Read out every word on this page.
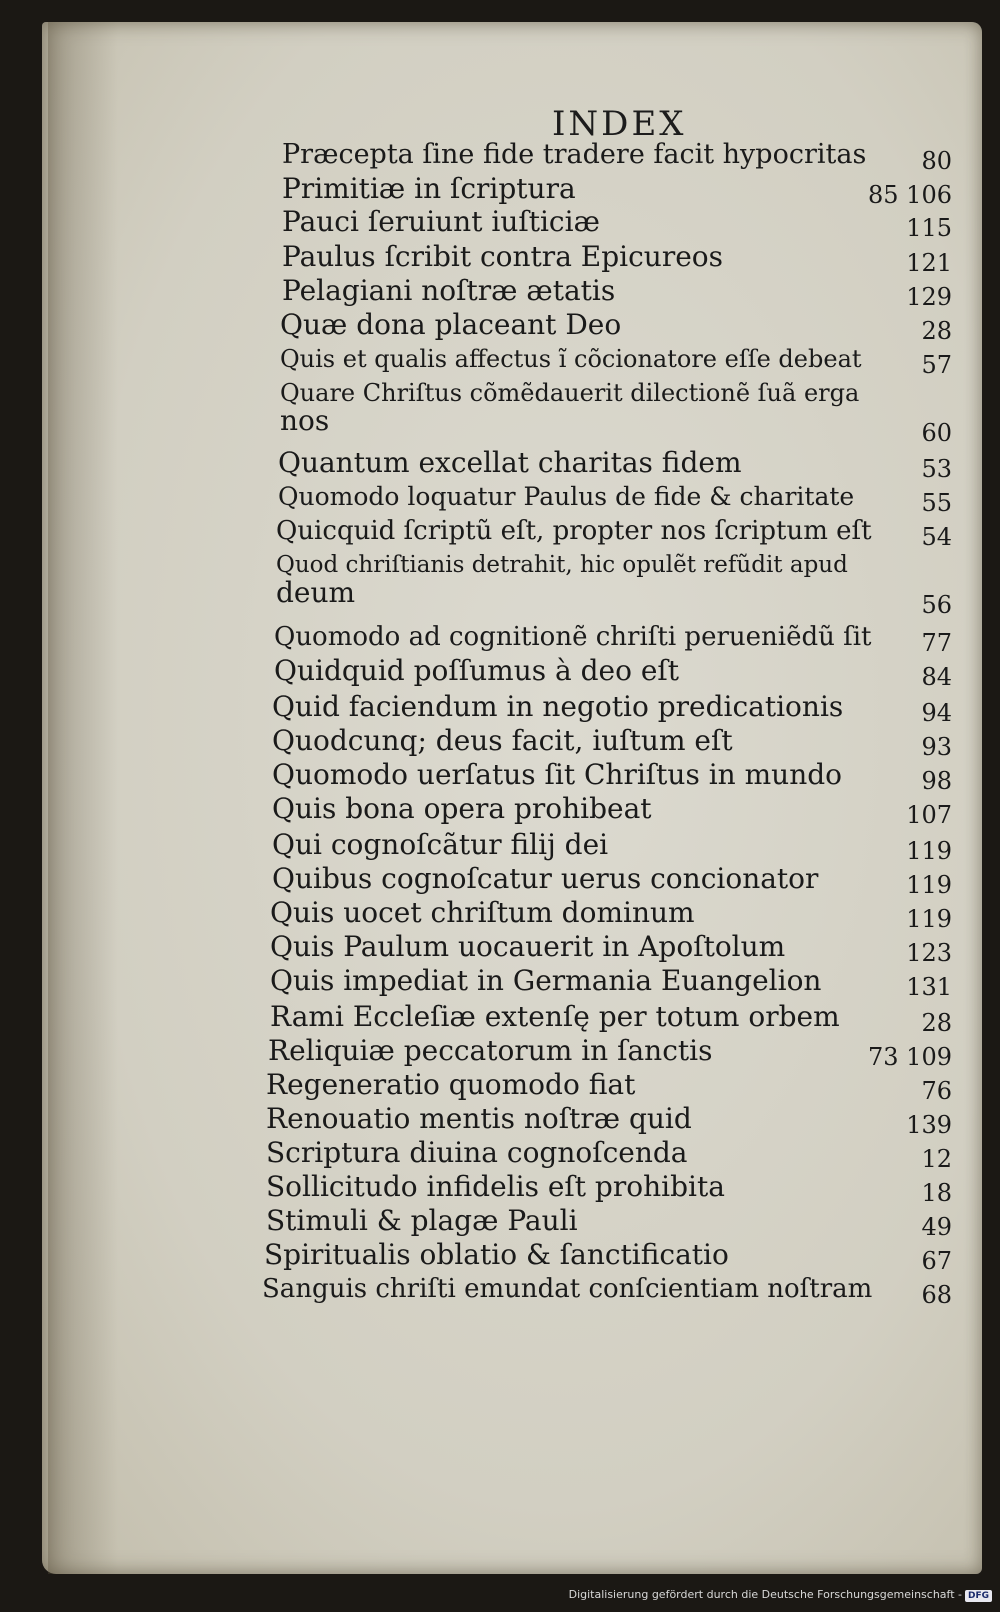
INDEX
Præcepta ſine fide tradere facit hypocritas	80
Primitiæ in ſcriptura	85 106
Pauci ſeruiunt iuſticiæ	115
Paulus ſcribit contra Epicureos	121
Pelagiani noſtræ ætatis	129
Quæ dona placeant Deo	28
Quis et qualis affectus ĩ cõcionatore eſſe debeat	57
Quare Chriſtus cõmẽdauerit dilectionẽ ſuã erga
nos	60
Quantum excellat charitas fidem	53
Quomodo loquatur Paulus de fide & charitate	55
Quicquid ſcriptũ eſt, propter nos ſcriptum eſt	54
Quod chriſtianis detrahit, hic opulẽt refũdit apud
deum	56
Quomodo ad cognitionẽ chriſti perueniẽdũ ſit	77
Quidquid poſſumus à deo eſt	84
Quid faciendum in negotio predicationis	94
Quodcunq; deus facit, iuſtum eſt	93
Quomodo uerſatus ſit Chriſtus in mundo	98
Quis bona opera prohibeat	107
Qui cognoſcãtur filij dei	119
Quibus cognoſcatur uerus concionator	119
Quis uocet chriſtum dominum	119
Quis Paulum uocauerit in Apoſtolum	123
Quis impediat in Germania Euangelion	131
Rami Eccleſiæ extenſę per totum orbem	28
Reliquiæ peccatorum in ſanctis	73 109
Regeneratio quomodo fiat	76
Renouatio mentis noſtræ quid	139
Scriptura diuina cognoſcenda	12
Sollicitudo infidelis eſt prohibita	18
Stimuli & plagæ Pauli	49
Spiritualis oblatio & ſanctificatio	67
Sanguis chriſti emundat conſcientiam noſtram	68
Digitalisierung gefördert durch die Deutsche Forschungsgemeinschaft - DFG
